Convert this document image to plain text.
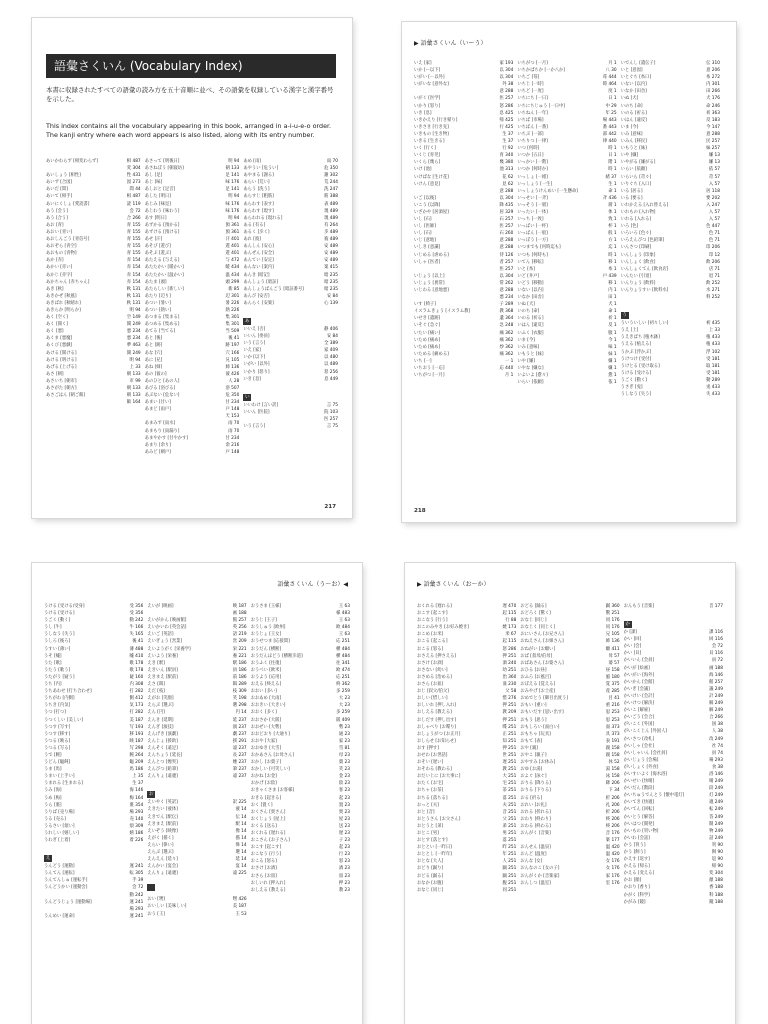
語彙さくいん (Vocabulary Index)
本書に収録されたすべての語彙の読み方を五十音順に並べ、その語彙を収録している漢字と漢字番号を示した。
This index contains all the vocabulary appearing in this book, arranged in a-i-u-e-o order. The kanji entry where each word appears is also listed, along with its entry number.
あいかわらず [相変わらず]	相 487
変 304
あいしょう [相性]	性 431
あいず [合図]	図 273
あいだ [間]	間 44
あいて [相手]	相 487
あいにくしょ [愛読書]	読 119
あう [会う]	会 72
あう [合う]	合 266
あお [青]	青 155
あおい [青い]	青 155
あおしんごう [青信号]	青 155
あおぞら [青空]	青 155
あおもの [青物]	青 155
あか [赤]	赤 154
あかい [赤い]	赤 154
あかじ [赤字]	赤 154
あかちゃん [赤ちゃん]	赤 154
あき [秋]	秋 131
あきかぜ [秋風]	秋 131
あきばれ [秋晴れ]	秋 131
あきらか [明らか]	明 94
あく [空く]	空 149
あく [開く]	開 249
あく [悪]	悪 234
あくま [悪魔]	悪 234
あくび [悪戯]	夢 463
あける [開ける]	開 249
あける [明ける]	明 94
あげる [上げる]	上 33
あさ [朝]	朝 133
あさいち [朝市]	市 99
あさがた [朝方]	朝 133
あさごはん [朝ご飯]	朝 133
飯 164
あさって [明後日]	明 94
あさねぼう [朝寝坊]	朝 133
あし [足]	足 141
あじ [味]	味 176
あしおと [足音]	足 141
あした [明日]	明 94
あじみ [味見]	味 176
あじわう [味わう]	味 176
あす [明日]	明 94
あずかる [預かる]	預 361
あずける [預ける]	預 361
あせ [汗]	汗 401
あそび [遊び]	遊 401
あそぶ [遊ぶ]	遊 401
あたえる [与える]	与 472
あたたかい [暖かい]	暖 434
あたたかい [温かい]	温 434
あたま [頭]	頭 299
あたらしい [新しい]	新 85
あたり [辺り]	辺 301
あつい [暑い]	暑 226
あつい [熱い]	熱 226
あつまる [集まる]	集 301
あつめる [集める]	集 301
あてる [当てる]	当 509
あと [後]	後 41
あと [跡]	跡 197
あな [穴]	穴 166
あに [兄]	兄 105
あね [姉]	姉 136
あの [彼の]	彼 426
あのひと [あの人]	人 28
あびる [浴びる]	浴 507
あぶない [危ない]	危 350
あまい [甘い]	甘 234
あまど [雨戸]	戸 148
天 153
あまみず [雨水]	雨 70
あまもり [雨漏り]	雨 70
あまやかす [甘やかす]	甘 234
あまり [余り]	余 216
あみど [網戸]	戸 148
あめ [雨]	雨 70
あやうい [危うい]	危 350
あやまる [謝る]	謝 302
あらい [荒い]	荒 244
あらう [洗う]	洗 247
あらすじ [粗筋]	筋 388
あらわす [表す]	表 489
あらわす [現す]	現 489
あらわれる [現れる]	現 489
ある [有る]	有 264
あるく [歩く]	歩 489
あれ [彼]	彼 489
あんしん [安心]	安 489
あんぜん [安全]	安 489
あんてい [安定]	安 489
あんない [案内]	案 415
あんき [暗記]	暗 235
あんしょう [暗証]	暗 235
あんしょうばんごう [暗証番号]	暗 235
あんぴ [安否]	安 84
あんらく [安楽]	心 139
あ
いいえ [否]	静 406
いいん [委員]	安 84
いう [言う]	全 389
いえ [家]	家 409
いか [以下]	以 480
いがい [以外]	以 489
いかり [怒り]	怒 256
いき [息]	息 449
い
いいわけ [言い訳]	言 75
いいん [医院]	院 103
医 257
いう [言う]	言 75
217
▶ 語彙さくいん（いーう）
いえ [家]	家 193
いか [ー以下]	以 304
いがい [ー以外]	以 304
いがいな [意外な]	外 38
意 288
いがく [医学]	医 257
いかり [怒り]	怒 286
いき [息]	息 425
いきかえり [行き帰り]	帰 425
いきさき [行き先]	行 425
いきもの [生き物]	生 37
いきる [生きる]	生 37
いく [行く]	行 92
いくじ [育児]	育 340
いくら [幾ら]	幾 380
いけ [池]	池 313
いけばな [生け花]	花 62
いけん [意見]	見 62
意 288
いご [以後]	以 304
いこう [以降]	降 435
いざかや [居酒屋]	居 329
いし [石]	石 257
いし [医師]	医 257
いし [石]	石 260
いじ [意地]	意 288
いしき [意識]	意 288
いじめる [虐める]	待 126
いしゃ [医者]	者 257
医 257
いじょう [以上]	以 304
いじょう [異常]	常 262
いじわる [意地悪]	意 288
悪 234
いす [椅子]	子 289
イスラムきょう [イスラム教]	教 368
いせき [遺跡]	遺 364
いそぐ [急ぐ]	急 248
いたい [痛い]	痛 362
いため [痛め]	痛 362
いため [痛め]	炒 362
いためる [痛める]	痛 362
いち [一]	一 1
いちおう [一応]	応 440
いちがつ [一月]	月 1
いちがつ [一月]	月 1
いちかばちか [一か八か]	八 30
いちご [苺]	苺 444
いちじ [一時]	時 464
いちど [一度]	度 1
いちにち [一日]	日 1
いちにちじゅう [一日中]	中 29
いちねん [一年]	年 25
いちば [市場]	場 443
いちばん [一番]	番 443
いちぶ [一部]	部 442
いちりつ [一律]	律 440
いつ [何時]	時 1
いつか [五日]	日 1
いっかい [一階]	階 1
いつか [何時か]	時 1
いっしょ [一緒]	緒 37
いっしょう [一生]	生 1
いっしょうけんめい [一生懸命]	命 1
いっせい [一斉]	斉 436
いっそう [一層]	層 1
いったい [一体]	体 1
いっち [一致]	致 1
いっぱい [一杯]	杯 1
いっぱん [一般]	般 1
いっぽう [一方]	方 1
いつまでも [何時迄も]	迄 1
いつも [何時も]	時 1
いてん [移転]	移 1
いと [糸]	糸 1
いど [井戸]	戸 439
いどう [移動]	移 1
いない [以内]	内 1
いなか [田舎]	田 1
いぬ [犬]	犬 1
いのち [命]	命 1
いのる [祈る]	祈 1
いはん [違反]	反 1
いふく [衣服]	服 1
いま [今]	今 1
いみ [意味]	味 1
いもうと [妹]	妹 1
いや [嫌]	嫌 1
いやな [嫌な]	嫌 1
いよいよ [愈々]	愈 1
いらい [依頼]	依 1
いでんし [遺伝子]	伝 310
いと [意図]	意 206
いとぐち [糸口]	糸 272
いない [以内]	内 301
いなか [田舎]	田 266
いぬ [犬]	犬 176
いのち [命]	命 246
いのる [祈る]	祈 363
いはん [違反]	反 183
いま [今]	今 147
いみ [意味]	意 288
いみん [移民]	民 257
いもうと [妹]	妹 257
いや [嫌]	嫌 13
いやがる [嫌がる]	嫌 13
いらい [依頼]	依 57
いらいら [苛々]	苛 57
いりぐち [入口]	入 57
いる [居る]	居 118
いる [要る]	要 202
いれかえる [入れ替える]	入 247
いれもの [入れ物]	入 57
いれる [入れる]	入 57
いろ [色]	色 447
いろいろ [色々]	色 71
いろえんぴつ [色鉛筆]	色 71
いんさつ [印刷]	印 206
いんしょう [印象]	印 12
いんしょく [飲食]	飲 206
いんしょくてん [飲食店]	店 71
いんたい [引退]	退 71
いんりょう [飲料]	飲 252
いんりょうすい [飲料水]	水 271
料 252
う
ういういしい [初々しい]	初 435
うえ [上]	上 33
うえきばち [植木鉢]	植 433
うえる [植える]	植 433
うかぶ [浮かぶ]	浮 102
うけつけ [受付]	受 181
うけとる [受け取る]	取 181
うける [受ける]	受 181
うごく [動く]	動 289
うさぎ [兎]	兎 433
うしなう [失う]	失 433
218
語彙さくいん（う～お）◀
うける [受ける/受身]	受 356
うける [受ける]	受 356
うごく [動く]	動 242
うし [牛]	牛 166
うしなう [失う]	失 165
うしろ [後ろ]	後 41
うすい [薄い]	薄 488
うそ [嘘]	嘘 410
うた [歌]	歌 178
うたう [歌う]	歌 178
うたがう [疑う]	疑 160
うち [内]	内 308
うちあわせ [打ち合わせ]	打 282
うちがわ [内側]	側 412
うちき [内気]	気 173
うつ [打つ]	打 282
うつくしい [美しい]	美 187
うつす [写す]	写 193
うつす [移す]	移 193
うつる [映る]	映 187
うつる [写る]	写 298
うで [腕]	腕 264
うどん [饂飩]	饂 209
うま [馬]	馬 186
うまい [上手い]	上 35
うまれる [生まれる]	生 37
うみ [海]	海 146
うめ [梅]	梅 164
うら [裏]	裏 354
うりば [売り場]	場 293
うる [売る]	売 140
うるさい [煩い]	煩 309
うれしい [嬉しい]	嬉 186
うわぎ [上着]	着 226
え
うんどう [運動]	運 241
うんてん [運転]	転 305
うんてんしゅ [運転手]	手 39
うんどうかい [運動会]	会 72
動 242
うんどうじょう [運動場]	運 241
場 293
うんめい [運命]	運 241
えいが [映画]	映 187
画 188
えいがかん [映画館]	館 257
えいかいわ [英会話]	英 256
えいご [英語]	語 219
えいぎょう [営業]	営 209
えいようがく [栄養学]	栄 221
えいよう [栄養]	養 221
えき [駅]	駅 186
えきいん [駅員]	員 186
えきまえ [駅前]	前 186
えさ [餌]	餌 289
えだ [枝]	枝 309
えがお [笑顔]	笑 198
えらぶ [選ぶ]	選 298
えん [円]	円 14
えんき [延期]	延 237
えんぎ [演技]	演 237
えんげき [演劇]	劇 237
えんじょ [援助]	援 291
えんそく [遠足]	遠 237
えんちょう [延長]	長 237
えんとつ [煙突]	煙 237
えんぴつ [鉛筆]	筆 237
えんりょ [遠慮]	遠 237
お
えいやく [英訳]	訳 225
えきたい [液体]	液 14
えきでん [駅伝]	伝 14
えきまえ [駅前]	駅 14
えいぞう [映像]	像 14
えがく [描く]	描 14
えらい [偉い]	偉 14
えらぶ [選ぶ]	選 14
えんえん [延々]	延 14
えんかい [宴会]	宴 14
えんりょ [遠慮]	遠 225
おい [甥]	甥 426
おいしい [美味しい]	美 187
おう [王]	王 53
おうさま [王様]	王 63
様 483
おうじ [王子]	王 63
おうしゅう [欧州]	欧 484
おうじょ [王女]	王 63
おうせつま [応接間]	応 251
おうだん [横断]	横 484
おうだんほどう [横断歩道]	横 484
おうふく [往復]	往 341
おうべい [欧米]	欧 474
おうよう [応用]	応 251
おえる [終える]	終 362
おおい [多い]	多 259
おおあめ [大雨]	大 23
おおきい [大きい]	大 23
おおく [多く]	多 259
おおさか [大阪]	阪 409
おおぜい [大勢]	勢 23
おおどおり [大通り]	通 23
おおや [大家]	家 23
おおゆき [大雪]	雪 81
おかあさん [お母さん]	母 23
おかし [お菓子]	菓 23
おかしい [可笑しい]	笑 23
おかね [お金]	金 23
おかげ [お陰]	陰 23
おきゃくさま [お客様]	客 23
おきる [起きる]	起 23
おく [置く]	置 23
おくさん [奥さん]	奥 23
おくじょう [屋上]	屋 23
おくる [送る]	送 23
おくれる [遅れる]	遅 23
おこさん [お子さん]	子 23
おこす [起こす]	起 23
おこなう [行う]	行 23
おこる [怒る]	怒 23
おさけ [お酒]	酒 23
おさら [お皿]	皿 23
おしいれ [押入れ]	押 23
おしえる [教える]	教 23
▶ 語彙さくいん（お～か）
おくれる [遅れる]	遅 470
おこす [起こす]	起 115
おこなう [行う]	行 88
おこのみやき [お好み焼き]	焼 173
おこめ [お米]	米 67
おこる [起こる]	起 115
おこる [怒る]	怒 286
おさえる [押さえる]	押 251
おさけ [お酒]	酒 240
おさない [幼い]	幼 251
おさめる [治める]	治 360
おさら [お皿]	皿 230
おじ [叔父/伯父]	父 58
おしい [惜しい]	惜 276
おしいれ [押し入れ]	押 251
おしえる [教える]	教 209
おしだす [押し出す]	押 251
おしゃべり [お喋り]	喋 251
おしょうがつ [お正月]	正 251
おしらせ [お知らせ]	知 251
おす [押す]	押 251
おせわ [お世話]	世 251
おそい [遅い]	遅 251
おそわる [教わる]	教 251
おだいじに [お大事に]	大 251
おたく [お宅]	宅 251
おちゃ [お茶]	茶 251
おちる [落ちる]	落 251
おっと [夫]	夫 251
おと [音]	音 251
おとうさん [お父さん]	父 251
おとうと [弟]	弟 251
おとこ [男]	男 251
おとす [落とす]	落 251
おととい [一昨日]	昨 251
おととし [一昨年]	年 251
おとな [大人]	人 251
おどり [踊り]	踊 251
おどる [踊る]	踊 251
おなか [お腹]	腹 251
おなじ [同じ]	同 251
おどる [踊る]	踊 360
おどろく [驚く]	驚 251
おなじ [同じ]	同 176
おなじく [同じく]	同 176
おにいさん [お兄さん]	兄 105
おねえさん [お姉さん]	姉 136
おねがい [お願い]	願 411
おば [叔母/伯母]	母 57
おばあさん [お婆さん]	婆 57
おひる [お昼]	昼 158
おふろ [お風呂]	風 180
おぼえる [覚える]	覚 375
おみやげ [お土産]	産 285
おめでとう [御目出度う]	目 41
おもい [重い]	重 216
おもいだす [思い出す]	思 253
おもう [思う]	思 253
おもしろい [面白い]	面 373
おもちゃ [玩具]	具 373
おもて [表]	表 191
おや [親]	親 158
おやこ [親子]	親 158
おやすみ [お休み]	休 52
おゆ [お湯]	湯 158
およぐ [泳ぐ]	泳 158
おりる [降りる]	降 206
おりる [下りる]	下 34
おる [折る]	折 206
おれい [お礼]	礼 206
おれる [折れる]	折 206
おわり [終わり]	終 206
おわる [終わる]	終 206
おんがく [音楽]	音 176
楽 177
おんせん [温泉]	温 420
おんど [温度]	温 420
おんな [女]	女 176
おんなのこ [女の子]	女 176
おんがくか [音楽家]	家 176
おんしつ [温室]	室 176
おんもう [音楽]	音 177
か
か [課]	課 116
かい [回]	回 116
かい [会]	会 72
かい [貝]	貝 116
かいいん [会員]	員 72
かいが [絵画]	画 188
かいがい [海外]	海 146
かいかん [会館]	館 257
かいぎ [会議]	議 249
かいけい [会計]	計 249
かいけつ [解決]	解 249
かいこ [解雇]	解 249
かいごう [会合]	合 266
がいこく [外国]	国 38
がいこくじん [外国人]	人 38
かいさつ [改札]	改 249
かいしゃ [会社]	社 74
かいしゃいん [会社員]	員 74
かいじょう [会場]	場 293
がいしょく [外食]	食 38
かいすいよく [海水浴]	浴 146
かいせい [快晴]	晴 249
かいだん [階段]	段 249
かいちゅうでんとう [懐中電灯]	灯 249
かいてき [快適]	適 249
かいてん [回転]	転 249
かいとう [解答]	答 249
かいはつ [開発]	開 249
かいもの [買い物]	物 249
かいわ [会話]	話 249
かう [買う]	買 90
かう [飼う]	飼 90
かえす [返す]	返 90
かえる [帰る]	帰 90
かえる [変える]	変 304
かお [顔]	顔 188
かおり [香り]	香 188
かがく [科学]	科 188
かがみ [鏡]	鏡 188
